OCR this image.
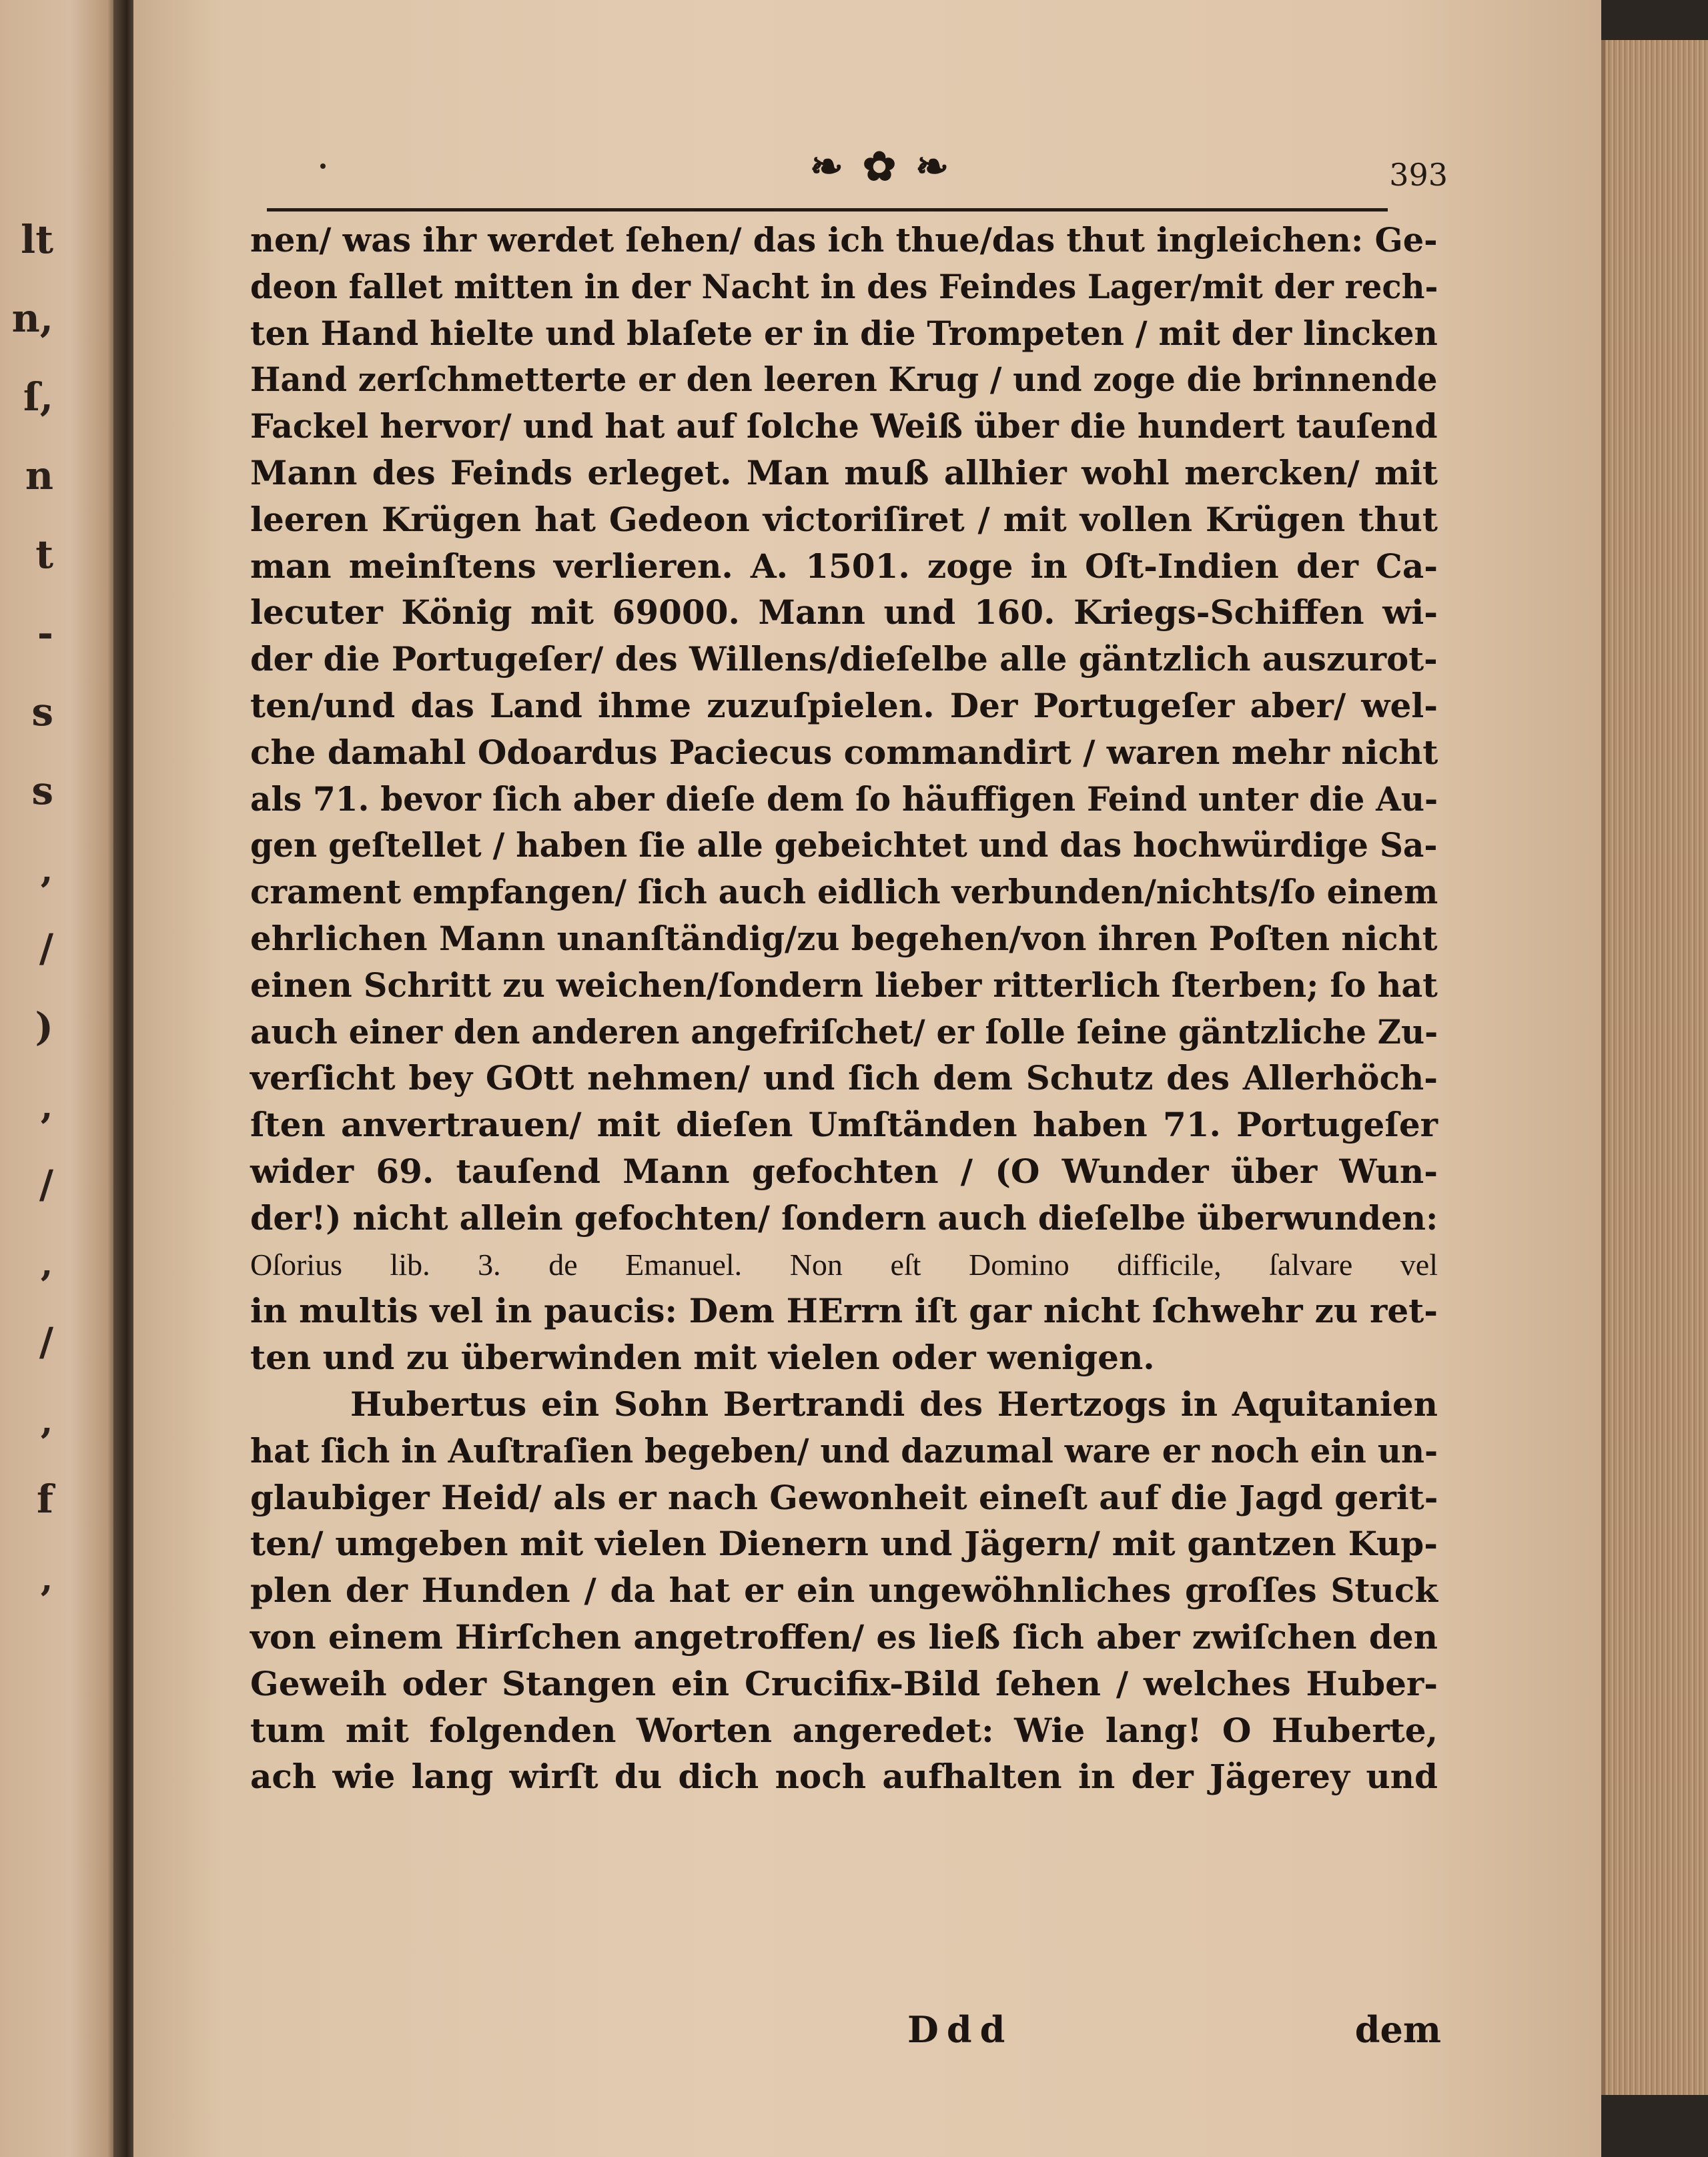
lt
n,
ſ,
n
t
-
s
s
‚
/
)
‚
/
‚
/
‚
f
‚
❧ ✿ ❧	393
nen/ was ihr werdet ſehen/ das ich thue/das thut ingleichen: Ge-
deon fallet mitten in der Nacht in des Feindes Lager/mit der rech-
ten Hand hielte und blaſete er in die Trompeten / mit der lincken
Hand zerſchmetterte er den leeren Krug / und zoge die brinnende
Fackel hervor/ und hat auf ſolche Weiß über die hundert tauſend
Mann des Feinds erleget. Man muß allhier wohl mercken/ mit
leeren Krügen hat Gedeon victoriſiret / mit vollen Krügen thut
man meinſtens verlieren. A. 1501. zoge in Oſt-Indien der Ca-
lecuter König mit 69000. Mann und 160. Kriegs-Schiffen wi-
der die Portugeſer/ des Willens/dieſelbe alle gäntzlich auszurot-
ten/und das Land ihme zuzuſpielen. Der Portugeſer aber/ wel-
che damahl Odoardus Paciecus commandirt / waren mehr nicht
als 71. bevor ſich aber dieſe dem ſo häuffigen Feind unter die Au-
gen geſtellet / haben ſie alle gebeichtet und das hochwürdige Sa-
crament empfangen/ ſich auch eidlich verbunden/nichts/ſo einem
ehrlichen Mann unanſtändig/zu begehen/von ihren Poſten nicht
einen Schritt zu weichen/ſondern lieber ritterlich ſterben; ſo hat
auch einer den anderen angefriſchet/ er ſolle ſeine gäntzliche Zu-
verſicht bey GOtt nehmen/ und ſich dem Schutz des Allerhöch-
ſten anvertrauen/ mit dieſen Umſtänden haben 71. Portugeſer
wider 69. tauſend Mann gefochten / (O Wunder über Wun-
der!) nicht allein gefochten/ ſondern auch dieſelbe überwunden:
Oſorius lib. 3. de Emanuel. Non eſt Domino difficile, ſalvare vel
in multis vel in paucis: Dem HErrn iſt gar nicht ſchwehr zu ret-
ten und zu überwinden mit vielen oder wenigen.
Hubertus ein Sohn Bertrandi des Hertzogs in Aquitanien
hat ſich in Auſtraſien begeben/ und dazumal ware er noch ein un-
glaubiger Heid/ als er nach Gewonheit eineſt auf die Jagd gerit-
ten/ umgeben mit vielen Dienern und Jägern/ mit gantzen Kup-
plen der Hunden / da hat er ein ungewöhnliches groſſes Stuck
von einem Hirſchen angetroffen/ es ließ ſich aber zwiſchen den
Geweih oder Stangen ein Crucifix-Bild ſehen / welches Huber-
tum mit folgenden Worten angeredet: Wie lang! O Huberte,
ach wie lang wirſt du dich noch aufhalten in der Jägerey und
Ddd	dem
